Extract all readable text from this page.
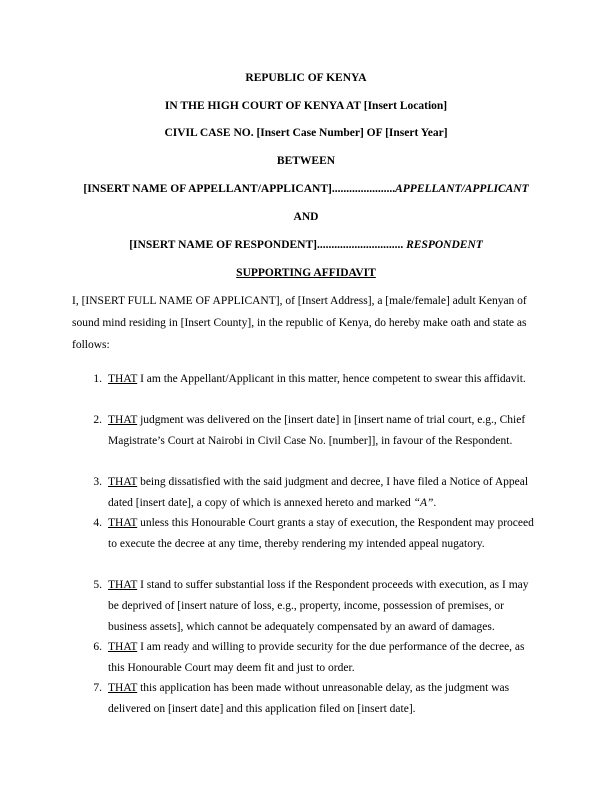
REPUBLIC OF KENYA
IN THE HIGH COURT OF KENYA AT [Insert Location]
CIVIL CASE NO. [Insert Case Number] OF [Insert Year]
BETWEEN
[INSERT NAME OF APPELLANT/APPLICANT]......................APPELLANT/APPLICANT
AND
[INSERT NAME OF RESPONDENT].............................. RESPONDENT
SUPPORTING AFFIDAVIT

I, [INSERT FULL NAME OF APPLICANT], of [Insert Address], a [male/female] adult Kenyan of sound mind residing in [Insert County], in the republic of Kenya, do hereby make oath and state as follows:

1. THAT I am the Appellant/Applicant in this matter, hence competent to swear this affidavit.
2. THAT judgment was delivered on the [insert date] in [insert name of trial court, e.g., Chief Magistrate’s Court at Nairobi in Civil Case No. [number]], in favour of the Respondent.
3. THAT being dissatisfied with the said judgment and decree, I have filed a Notice of Appeal dated [insert date], a copy of which is annexed hereto and marked “A”.
4. THAT unless this Honourable Court grants a stay of execution, the Respondent may proceed to execute the decree at any time, thereby rendering my intended appeal nugatory.
5. THAT I stand to suffer substantial loss if the Respondent proceeds with execution, as I may be deprived of [insert nature of loss, e.g., property, income, possession of premises, or business assets], which cannot be adequately compensated by an award of damages.
6. THAT I am ready and willing to provide security for the due performance of the decree, as this Honourable Court may deem fit and just to order.
7. THAT this application has been made without unreasonable delay, as the judgment was delivered on [insert date] and this application filed on [insert date].
